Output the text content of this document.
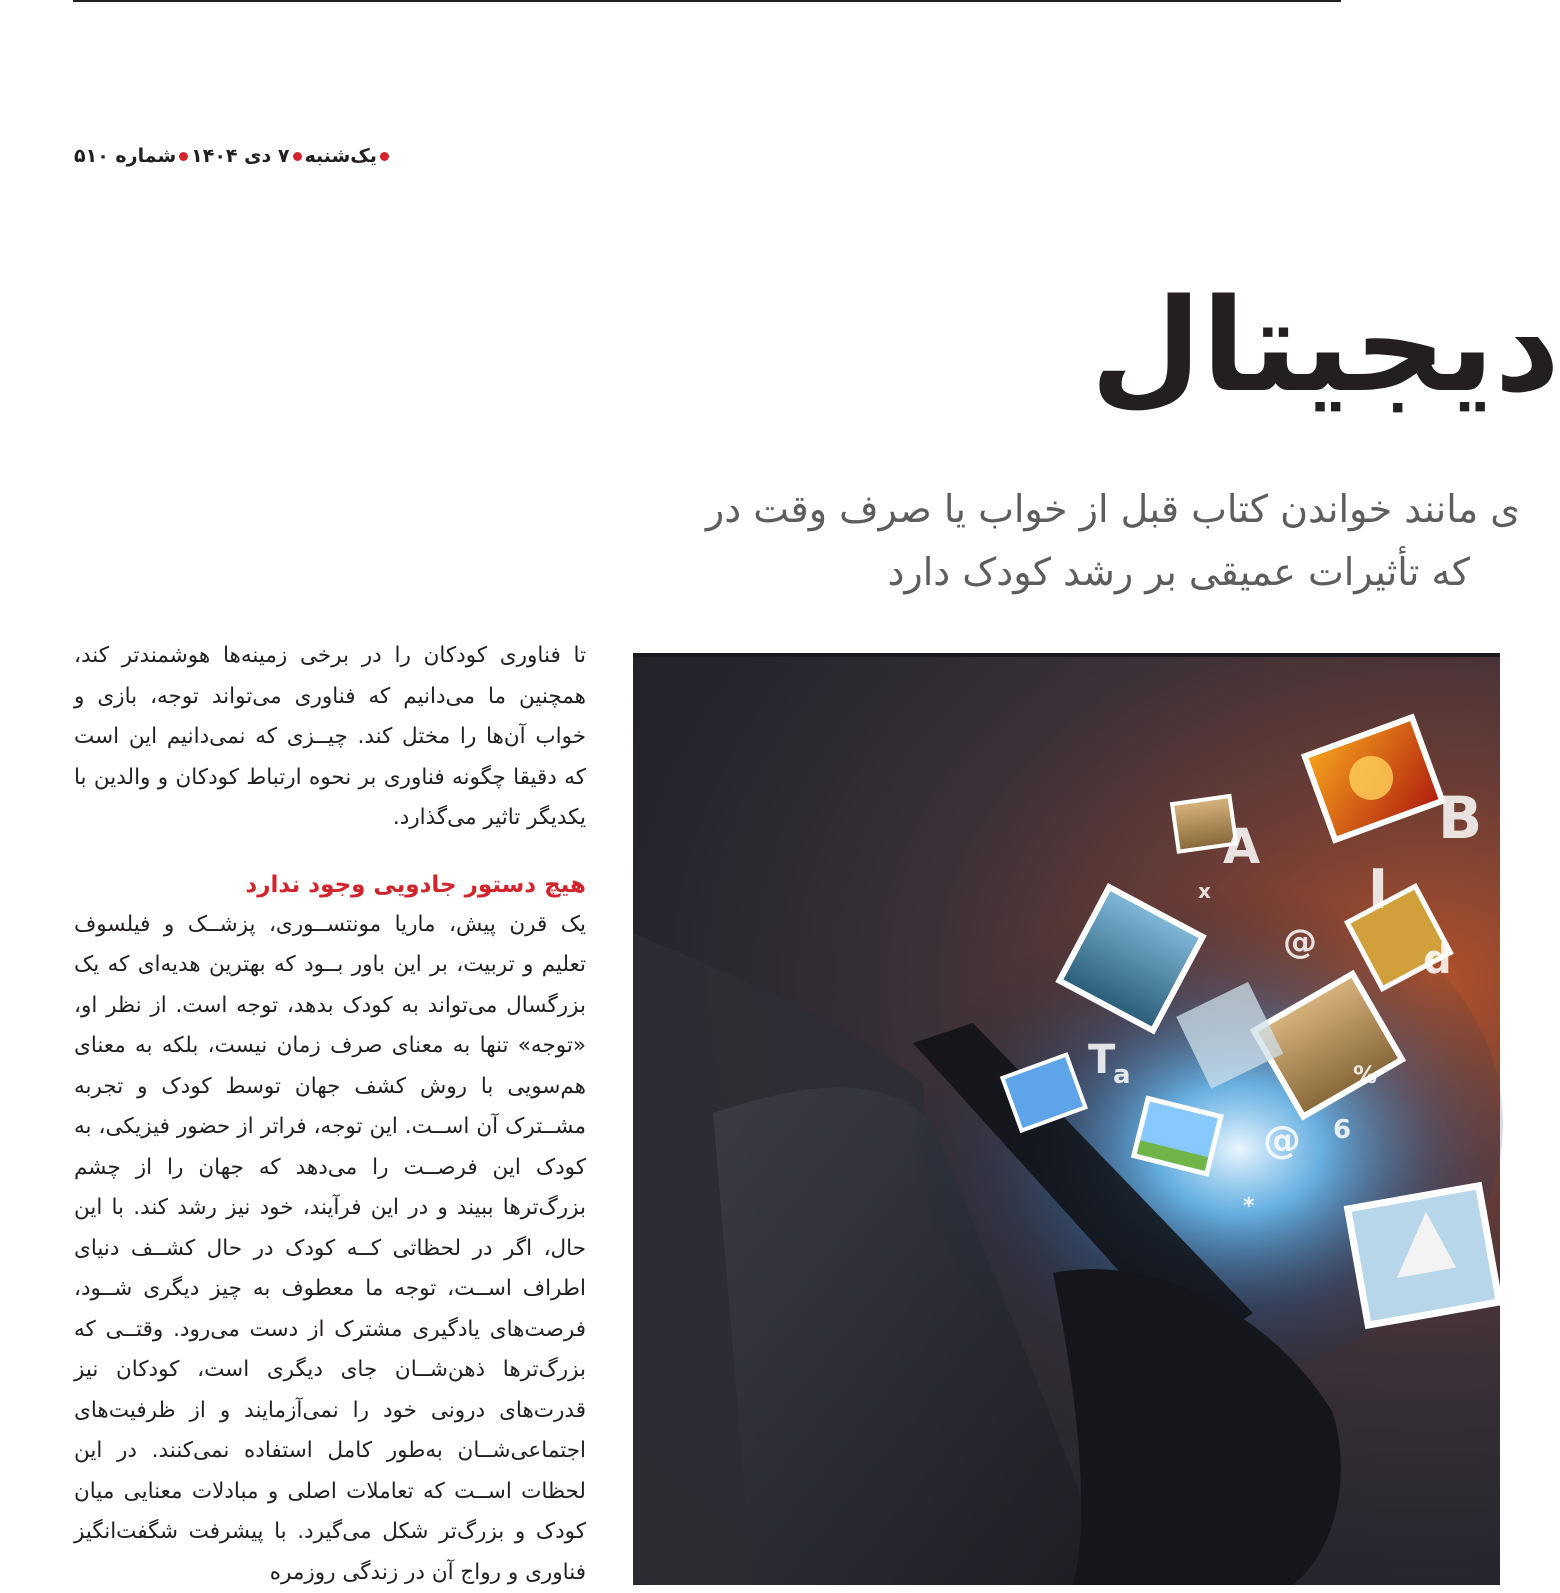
یک‌شنبه۷ دی ۱۴۰۴شماره ۵۱۰
دیجیتال
ی مانند خواندن کتاب قبل از خواب یا صرف وقت در
که تأثیرات عمیقی بر رشد کودک دارد

تا فناوری کودکان را در برخی زمینه‌ها هوشمندتر کند، همچنین ما می‌دانیم که فناوری می‌تواند توجه، بازی و خواب آن‌ها را مختل کند. چیــزی که نمی‌دانیم این است که دقیقا چگونه فناوری بر نحوه ارتباط کودکان و والدین با یکدیگر تاثیر می‌گذارد.

هیچ دستور جادویی وجود ندارد

یک قرن پیش، ماریا مونتســوری، پزشــک و فیلسوف تعلیم و تربیت، بر این باور بــود که بهترین هدیه‌ای که یک بزرگسال می‌تواند به کودک بدهد، توجه است. از نظر او، «توجه» تنها به معنای صرف زمان نیست، بلکه به معنای هم‌سویی با روش کشف جهان توسط کودک و تجربه مشــترک آن اســت. این توجه، فراتر از حضور فیزیکی، به کودک این فرصــت را می‌دهد که جهان را از چشم بزرگ‌ترها ببیند و در این فرآیند، خود نیز رشد کند. با این حال، اگر در لحظاتی کــه کودک در حال کشــف دنیای اطراف اســت، توجه ما معطوف به چیز دیگری شــود، فرصت‌های یادگیری مشترک از دست می‌رود. وقتــی که بزرگ‌ترها ذهن‌شــان جای دیگری است، کودکان نیز قدرت‌های درونی خود را نمی‌آزمایند و از ظرفیت‌های اجتماعی‌شــان به‌طور کامل استفاده نمی‌کنند. در این لحظات اســت که تعاملات اصلی و مبادلات معنایی میان کودک و بزرگ‌تر شکل می‌گیرد. با پیشرفت شگفت‌انگیز فناوری و رواج آن در زندگی روزمره

A	B
I
d
T
@
@
a
6
*
%
x
